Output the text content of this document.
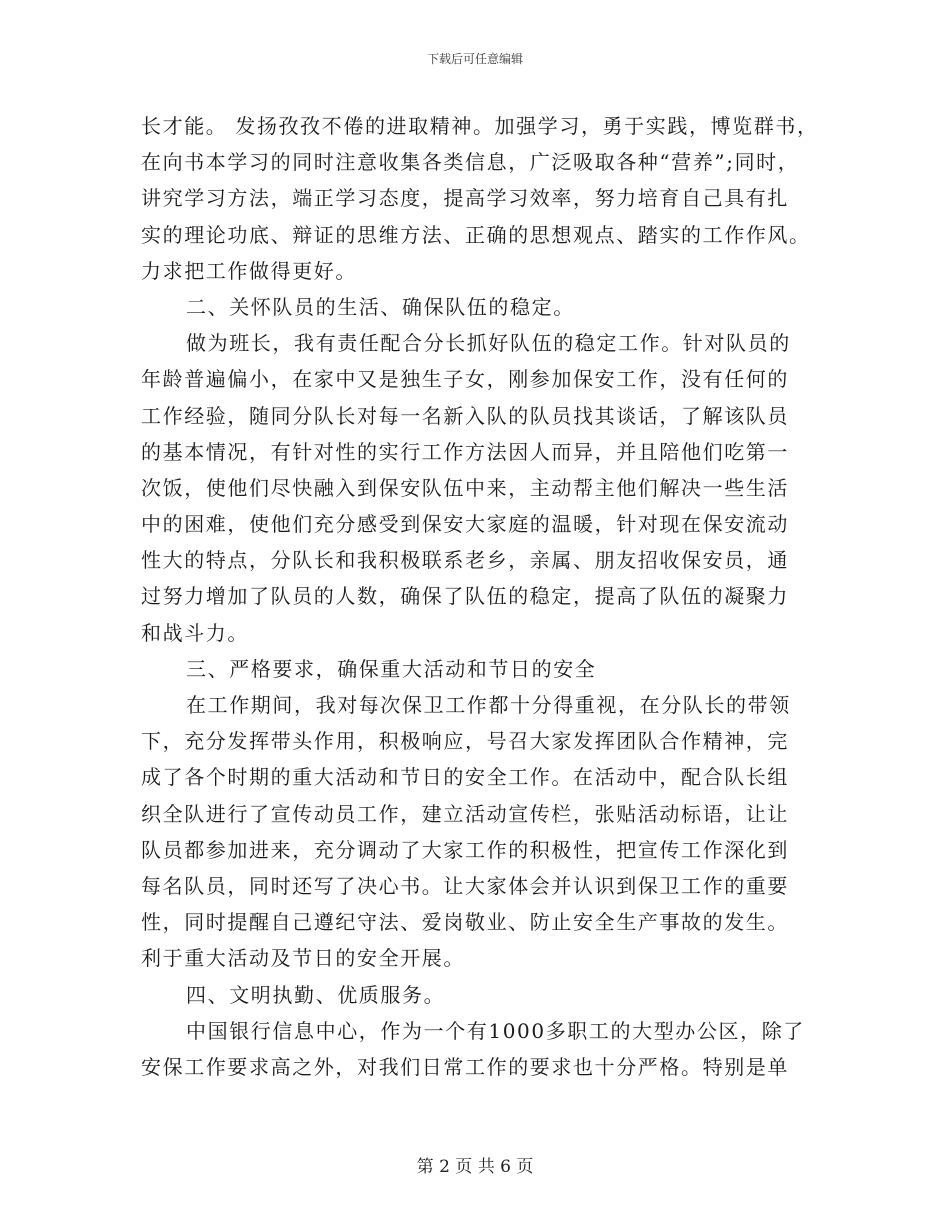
下载后可任意编辑
长才能。 发扬孜孜不倦的进取精神。加强学习，勇于实践，博览群书，
在向书本学习的同时注意收集各类信息，广泛吸取各种“营养”;同时，
讲究学习方法，端正学习态度，提高学习效率，努力培育自己具有扎
实的理论功底、辩证的思维方法、正确的思想观点、踏实的工作作风。
力求把工作做得更好。
二、关怀队员的生活、确保队伍的稳定。
做为班长，我有责任配合分长抓好队伍的稳定工作。针对队员的
年龄普遍偏小，在家中又是独生子女，刚参加保安工作，没有任何的
工作经验，随同分队长对每一名新入队的队员找其谈话，了解该队员
的基本情况，有针对性的实行工作方法因人而异，并且陪他们吃第一
次饭，使他们尽快融入到保安队伍中来，主动帮主他们解决一些生活
中的困难，使他们充分感受到保安大家庭的温暖，针对现在保安流动
性大的特点，分队长和我积极联系老乡，亲属、朋友招收保安员，通
过努力增加了队员的人数，确保了队伍的稳定，提高了队伍的凝聚力
和战斗力。
三、严格要求，确保重大活动和节日的安全
在工作期间，我对每次保卫工作都十分得重视，在分队长的带领
下，充分发挥带头作用，积极响应，号召大家发挥团队合作精神，完
成了各个时期的重大活动和节日的安全工作。在活动中，配合队长组
织全队进行了宣传动员工作，建立活动宣传栏，张贴活动标语，让让
队员都参加进来，充分调动了大家工作的积极性，把宣传工作深化到
每名队员，同时还写了决心书。让大家体会并认识到保卫工作的重要
性，同时提醒自己遵纪守法、爱岗敬业、防止安全生产事故的发生。
利于重大活动及节日的安全开展。
四、文明执勤、优质服务。
中国银行信息中心，作为一个有1000多职工的大型办公区，除了
安保工作要求高之外，对我们日常工作的要求也十分严格。特别是单
第 2 页 共 6 页
